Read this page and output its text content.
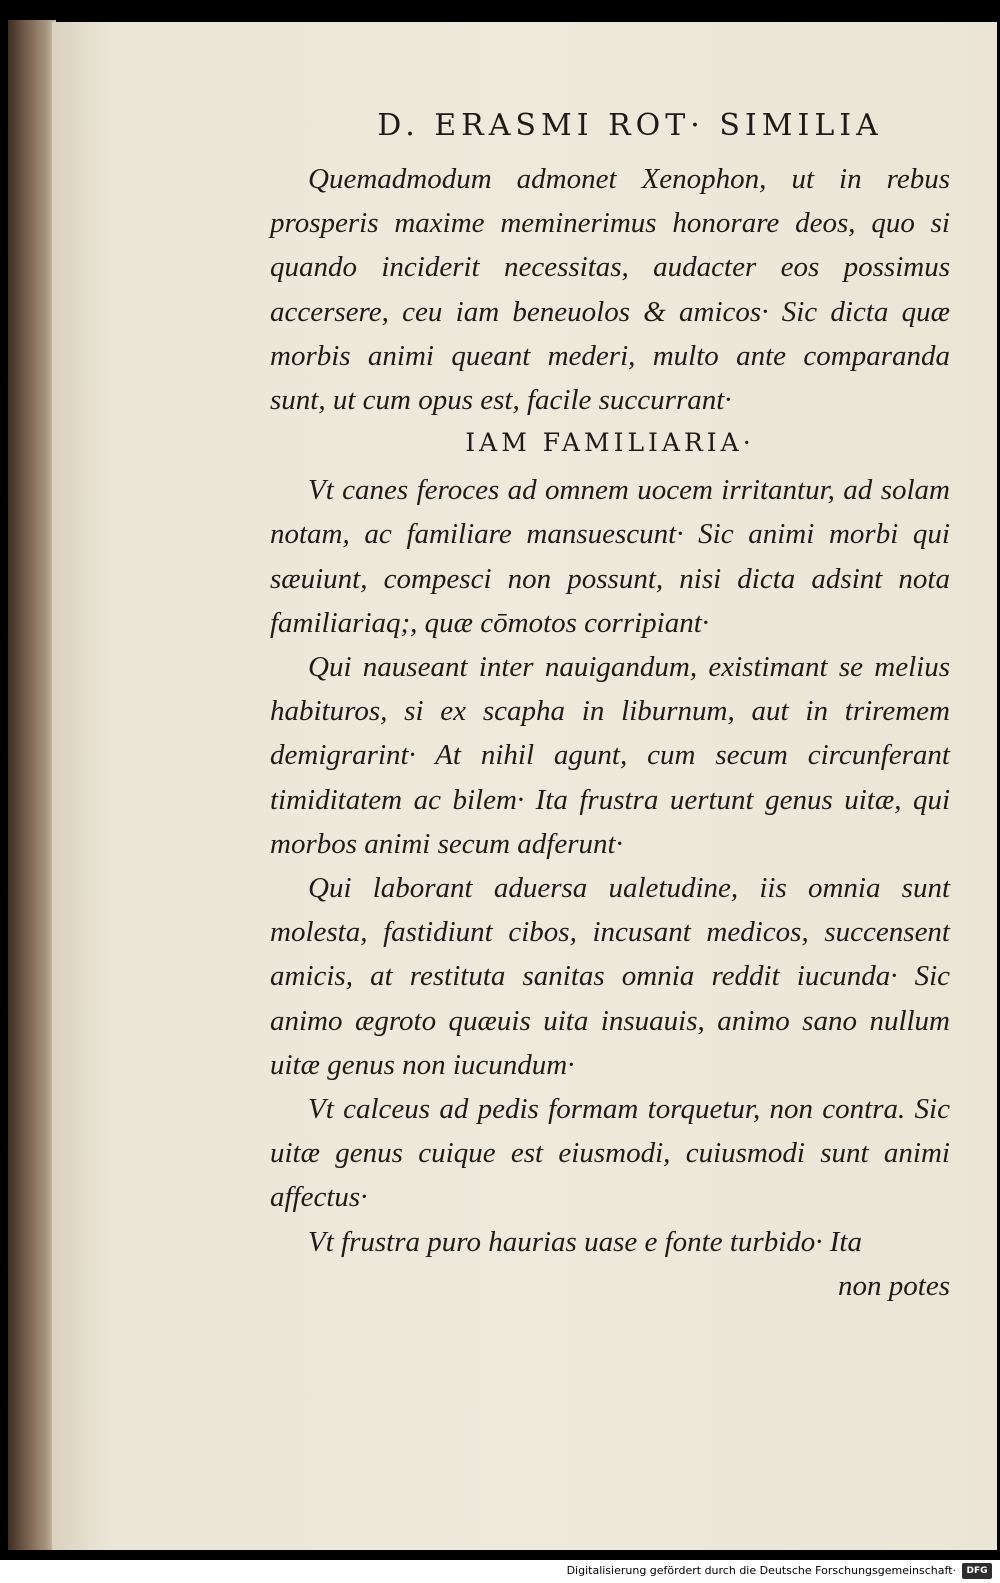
D. ERASMI ROT· SIMILIA

Quemadmodum admonet Xenophon, ut in rebus prosperis maxime meminerimus honorare deos, quo si quando inciderit necessitas, audacter eos possimus accersere, ceu iam beneuolos & amicos· Sic dicta quæ morbis animi queant mederi, multo ante comparanda sunt, ut cum opus est, facile succurrant·

IAM FAMILIARIA·

Vt canes feroces ad omnem uocem irritantur, ad solam notam, ac familiare mansuescunt· Sic animi morbi qui sæuiunt, compesci non possunt, nisi dicta adsint nota familiariaq;, quæ cōmotos corripiant·

Qui nauseant inter nauigandum, existimant se melius habituros, si ex scapha in liburnum, aut in triremem demigrarint· At nihil agunt, cum secum circunferant timiditatem ac bilem· Ita frustra uertunt genus uitæ, qui morbos animi secum adferunt·

Qui laborant aduersa ualetudine, iis omnia sunt molesta, fastidiunt cibos, incusant medicos, succensent amicis, at restituta sanitas omnia reddit iucunda· Sic animo ægroto quæuis uita insuauis, animo sano nullum uitæ genus non iucundum·

Vt calceus ad pedis formam torquetur, non contra. Sic uitæ genus cuique est eiusmodi, cuiusmodi sunt animi affectus·

Vt frustra puro haurias uase e fonte turbido· Ita

non potes

Digitalisierung gefördert durch die Deutsche Forschungsgemeinschaft·	DFG
